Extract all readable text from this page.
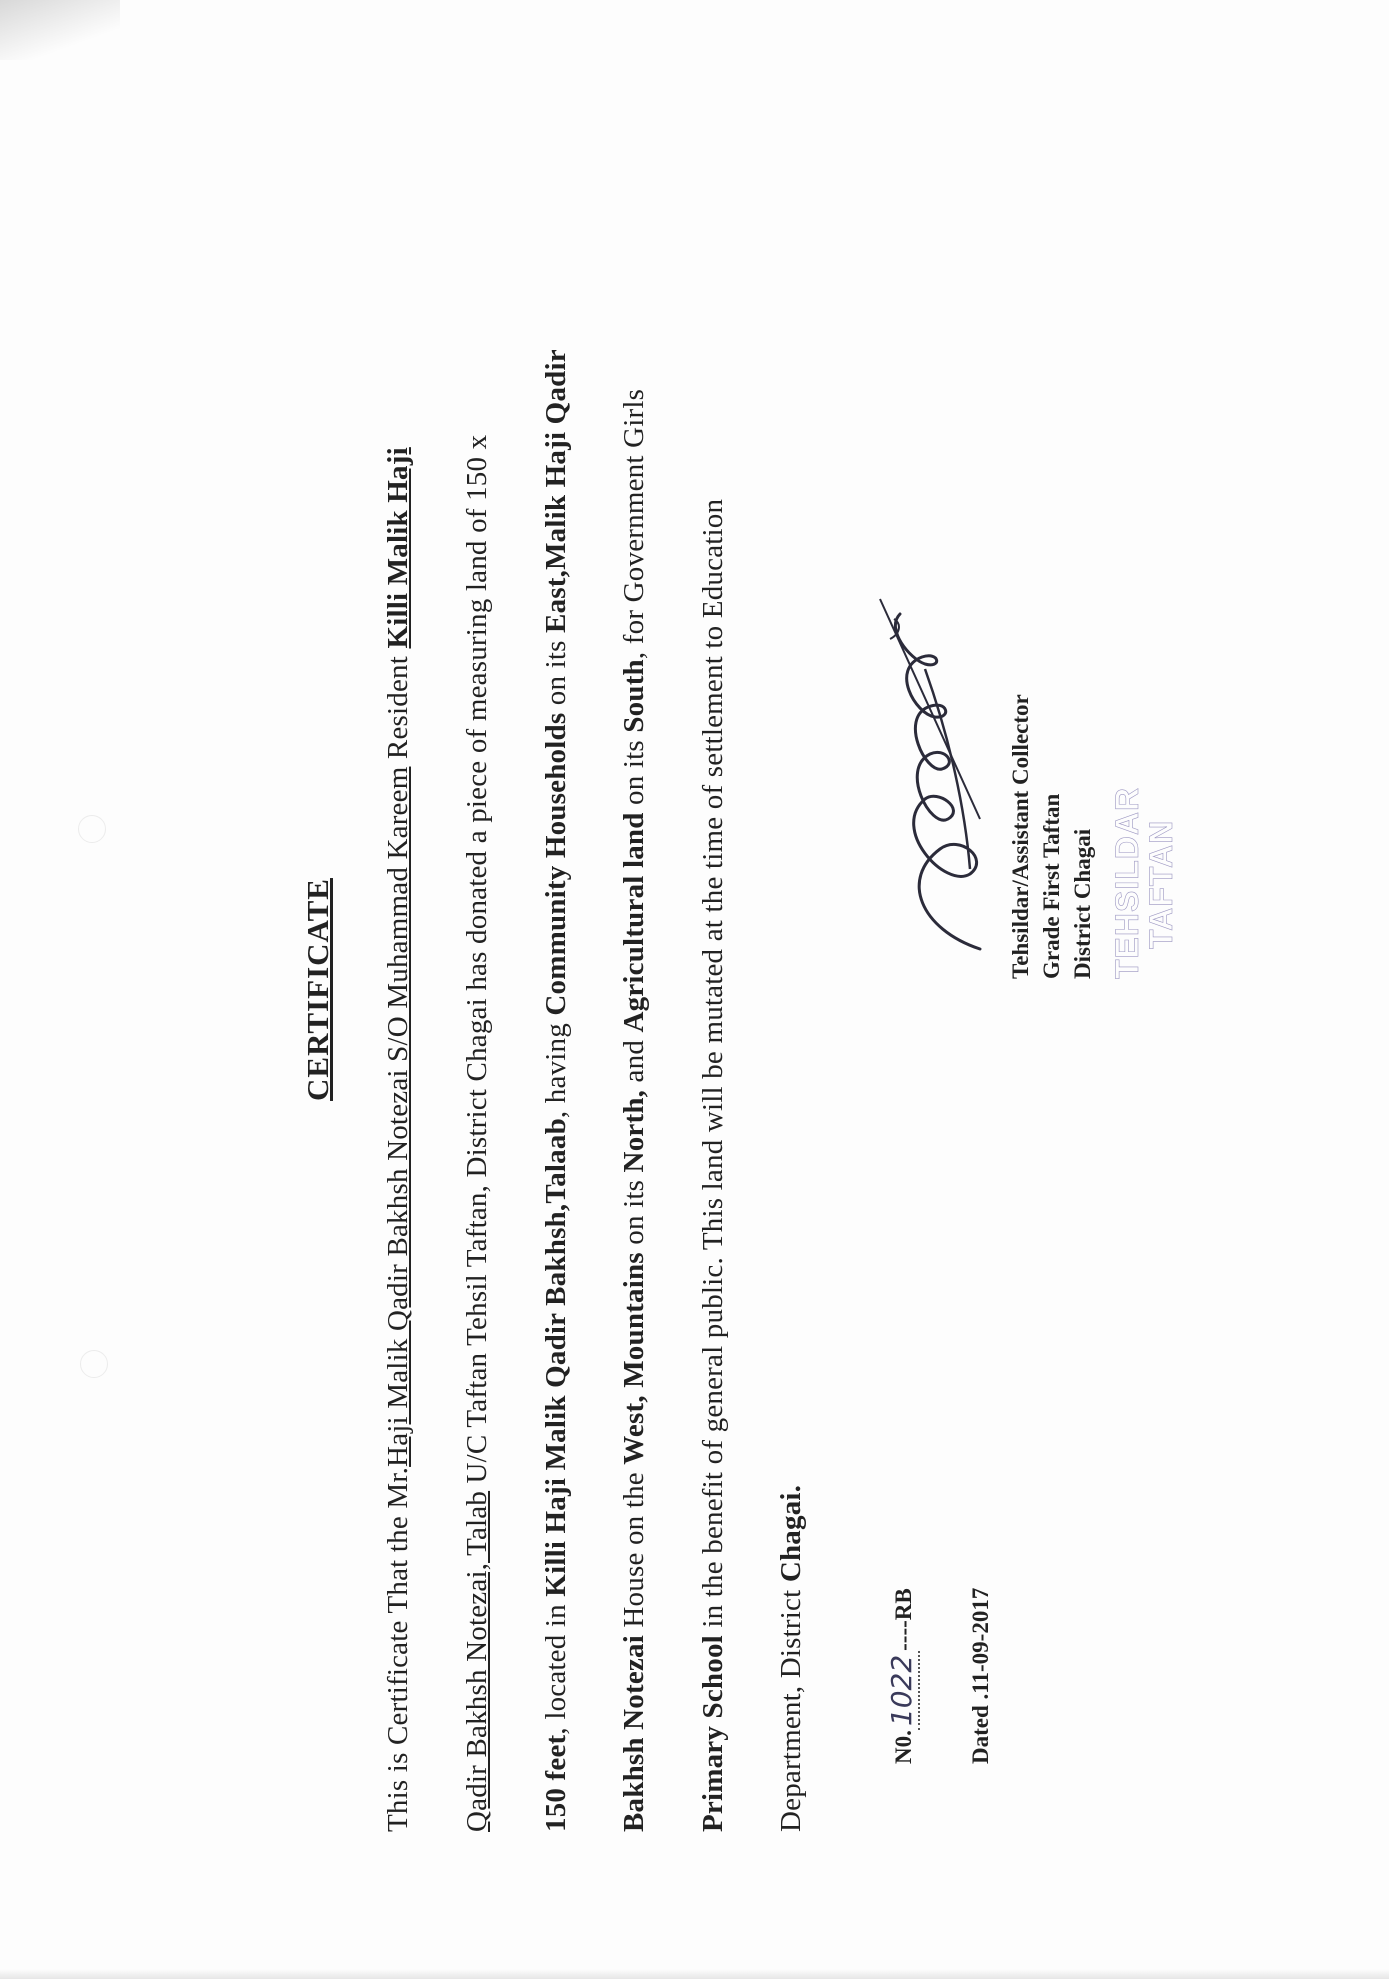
CERTIFICATE
This is Certificate That the Mr.Haji Malik Qadir Bakhsh Notezai S/O Muhammad Kareem Resident Killi Malik Haji
Qadir Bakhsh Notezai, Talab U/C Taftan Tehsil Taftan, District Chagai has donated a piece of measuring land of 150 x
150 feet, located in Killi Haji Malik Qadir Bakhsh,Talaab, having Community Households on its East,Malik Haji Qadir
Bakhsh Notezai House on the West, Mountains on its North, and Agricultural land on its South, for Government Girls
Primary School in the benefit of general public. This land will be mutated at the time of settlement to Education
Department, District Chagai.
N0.1022----RB Dated .11-09-2017
Tehsildar/Assistant Collector Grade First Taftan District Chagai TEHSILDAR
TAFTAN
